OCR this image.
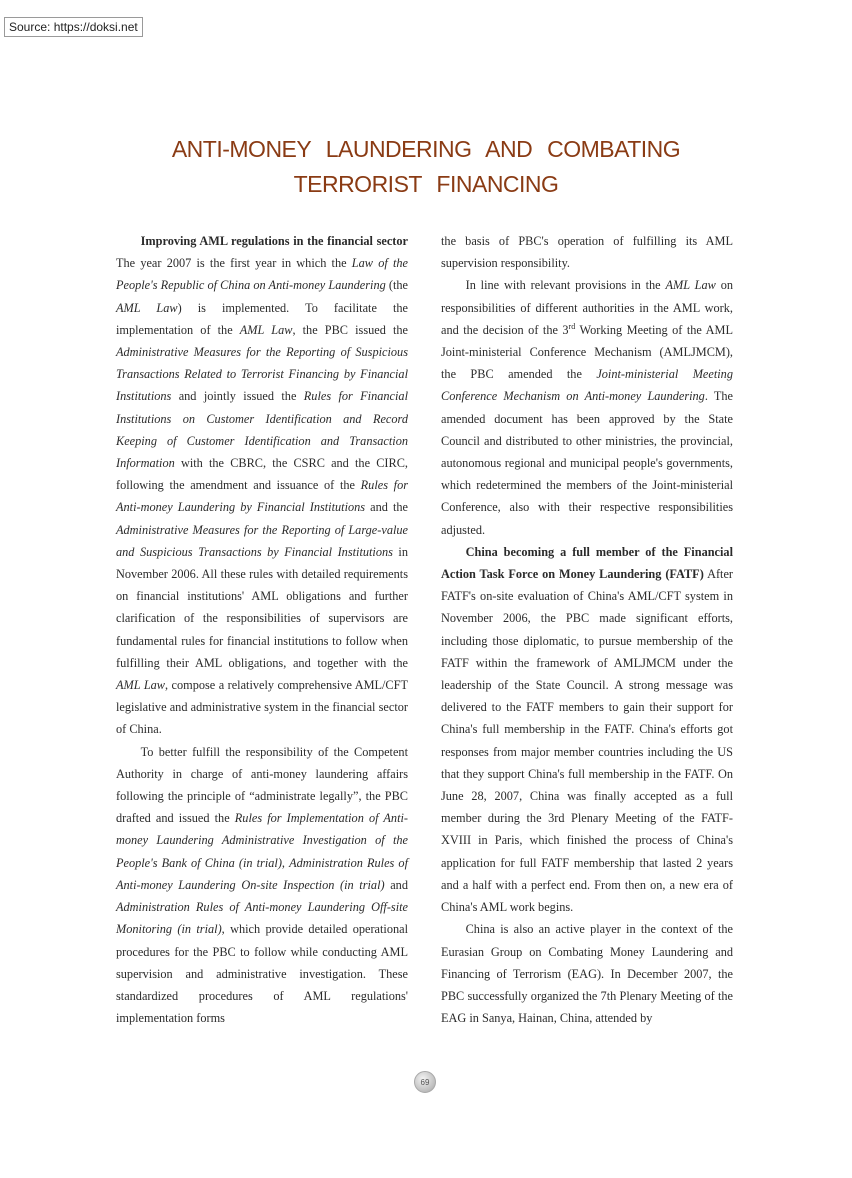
Source: https://doksi.net
ANTI-MONEY LAUNDERING AND COMBATING
TERRORIST FINANCING

Improving AML regulations in the financial sector The year 2007 is the first year in which the Law of the People's Republic of China on Anti-money Laundering (the AML Law) is implemented. To facilitate the implementation of the AML Law, the PBC issued the Administrative Measures for the Reporting of Suspicious Transactions Related to Terrorist Financing by Financial Institutions and jointly issued the Rules for Financial Institutions on Customer Identification and Record Keeping of Customer Identification and Transaction Information with the CBRC, the CSRC and the CIRC, following the amendment and issuance of the Rules for Anti-money Laundering by Financial Institutions and the Administrative Measures for the Reporting of Large-value and Suspicious Transactions by Financial Institutions in November 2006. All these rules with detailed requirements on financial institutions' AML obligations and further clarification of the responsibilities of supervisors are fundamental rules for financial institutions to follow when fulfilling their AML obligations, and together with the AML Law, compose a relatively comprehensive AML/CFT legislative and administrative system in the financial sector of China.

To better fulfill the responsibility of the Competent Authority in charge of anti-money laundering affairs following the principle of “administrate legally”, the PBC drafted and issued the Rules for Implementation of Anti-money Laundering Administrative Investigation of the People's Bank of China (in trial), Administration Rules of Anti-money Laundering On-site Inspection (in trial) and Administration Rules of Anti-money Laundering Off-site Monitoring (in trial), which provide detailed operational procedures for the PBC to follow while conducting AML supervision and administrative investigation. These standardized procedures of AML regulations' implementation forms

the basis of PBC's operation of fulfilling its AML supervision responsibility.

In line with relevant provisions in the AML Law on responsibilities of different authorities in the AML work, and the decision of the 3rd Working Meeting of the AML Joint-ministerial Conference Mechanism (AMLJMCM), the PBC amended the Joint-ministerial Meeting Conference Mechanism on Anti-money Laundering. The amended document has been approved by the State Council and distributed to other ministries, the provincial, autonomous regional and municipal people's governments, which redetermined the members of the Joint-ministerial Conference, also with their respective responsibilities adjusted.

China becoming a full member of the Financial Action Task Force on Money Laundering (FATF) After FATF's on-site evaluation of China's AML/CFT system in November 2006, the PBC made significant efforts, including those diplomatic, to pursue membership of the FATF within the framework of AMLJMCM under the leadership of the State Council. A strong message was delivered to the FATF members to gain their support for China's full membership in the FATF. China's efforts got responses from major member countries including the US that they support China's full membership in the FATF. On June 28, 2007, China was finally accepted as a full member during the 3rd Plenary Meeting of the FATF-XVIII in Paris, which finished the process of China's application for full FATF membership that lasted 2 years and a half with a perfect end. From then on, a new era of China's AML work begins.

China is also an active player in the context of the Eurasian Group on Combating Money Laundering and Financing of Terrorism (EAG). In December 2007, the PBC successfully organized the 7th Plenary Meeting of the EAG in Sanya, Hainan, China, attended by

69
